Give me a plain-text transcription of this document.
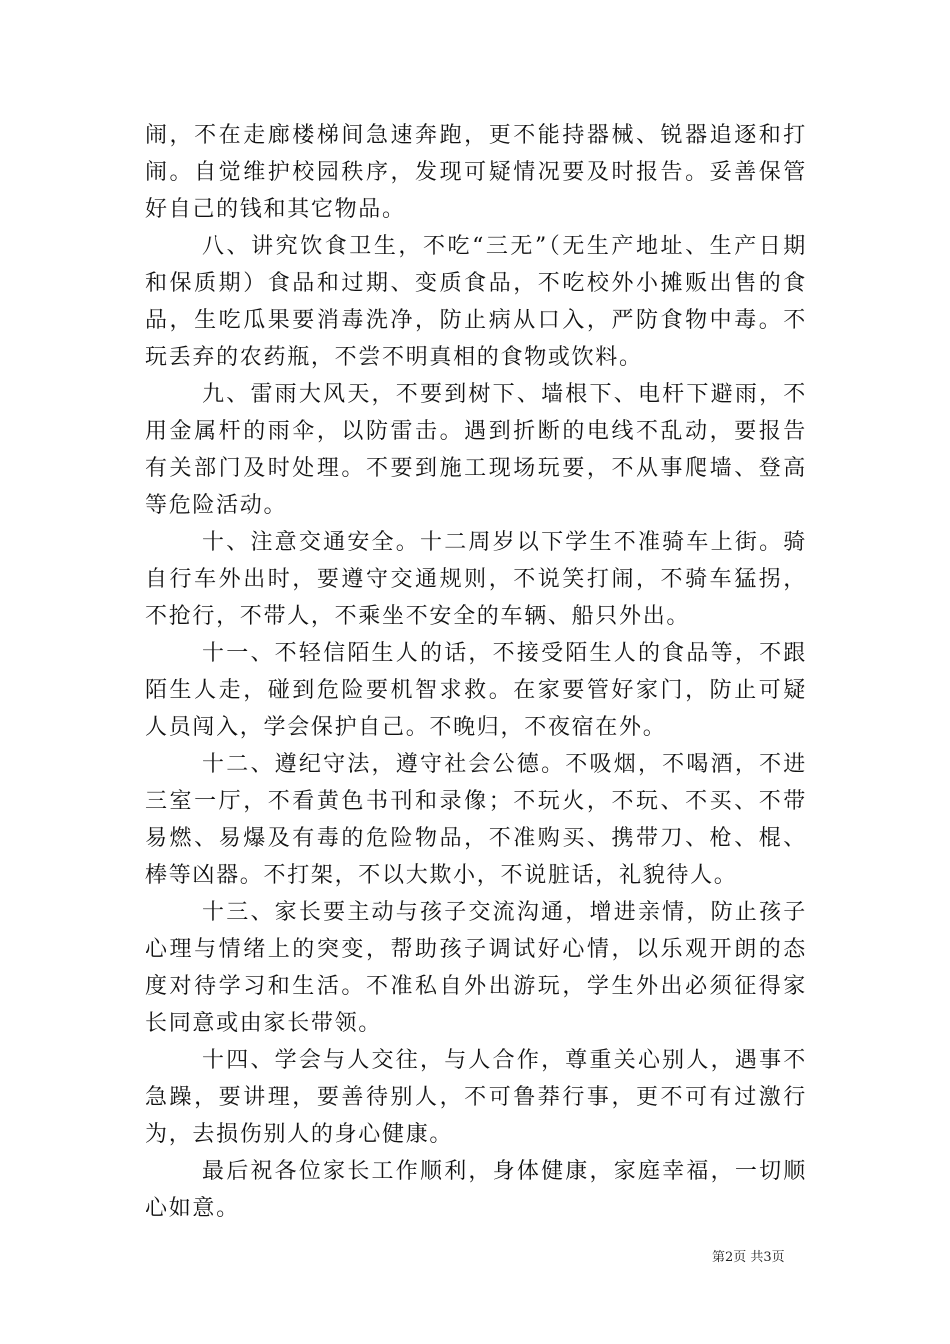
闹，不在走廊楼梯间急速奔跑，更不能持器械、锐器追逐和打闹。自觉维护校园秩序，发现可疑情况要及时报告。妥善保管好自己的钱和其它物品。

八、讲究饮食卫生，不吃“三无”（无生产地址、生产日期和保质期）食品和过期、变质食品，不吃校外小摊贩出售的食品，生吃瓜果要消毒洗净，防止病从口入，严防食物中毒。不玩丢弃的农药瓶，不尝不明真相的食物或饮料。

九、雷雨大风天，不要到树下、墙根下、电杆下避雨，不用金属杆的雨伞，以防雷击。遇到折断的电线不乱动，要报告有关部门及时处理。不要到施工现场玩要，不从事爬墙、登高等危险活动。

十、注意交通安全。十二周岁以下学生不准骑车上街。骑自行车外出时，要遵守交通规则，不说笑打闹，不骑车猛拐，不抢行，不带人，不乘坐不安全的车辆、船只外出。

十一、不轻信陌生人的话，不接受陌生人的食品等，不跟陌生人走，碰到危险要机智求救。在家要管好家门，防止可疑人员闯入，学会保护自己。不晚归，不夜宿在外。

十二、遵纪守法，遵守社会公德。不吸烟，不喝酒，不进三室一厅，不看黄色书刊和录像；不玩火，不玩、不买、不带易燃、易爆及有毒的危险物品，不准购买、携带刀、枪、棍、棒等凶器。不打架，不以大欺小，不说脏话，礼貌待人。

十三、家长要主动与孩子交流沟通，增进亲情，防止孩子心理与情绪上的突变，帮助孩子调试好心情，以乐观开朗的态度对待学习和生活。不准私自外出游玩，学生外出必须征得家长同意或由家长带领。

十四、学会与人交往，与人合作，尊重关心别人，遇事不急躁，要讲理，要善待别人，不可鲁莽行事，更不可有过激行为，去损伤别人的身心健康。

最后祝各位家长工作顺利，身体健康，家庭幸福，一切顺心如意。

第2页 共3页
